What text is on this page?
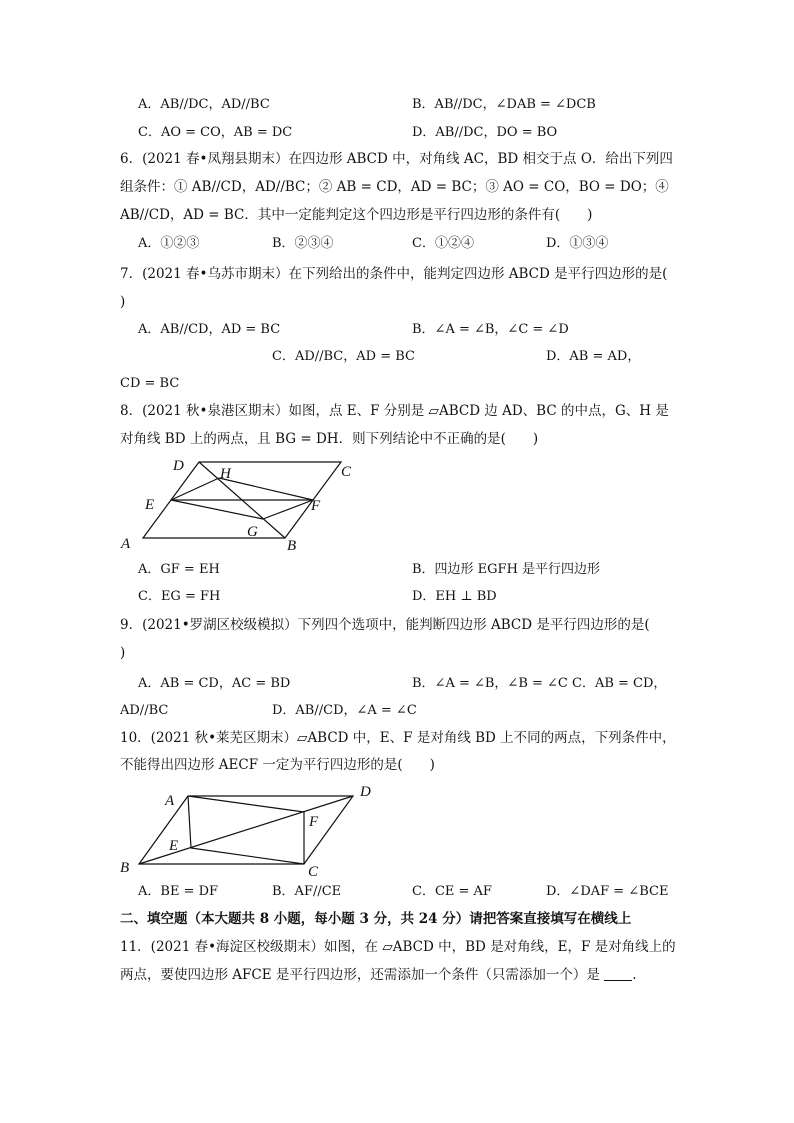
A．AB//DC，AD//BC	B．AB//DC，∠DAB = ∠DCB
C．AO = CO，AB = DC	D．AB//DC，DO = BO
6．(2021 春•凤翔县期末）在四边形 ABCD 中，对角线 AC，BD 相交于点 O．给出下列四
组条件：① AB//CD，AD//BC；② AB = CD，AD = BC；③ AO = CO，BO = DO；④
AB//CD，AD = BC．其中一定能判定这个四边形是平行四边形的条件有(　　)
A．①②③	B．②③④	C．①②④	D．①③④
7．(2021 春•乌苏市期末）在下列给出的条件中，能判定四边形 ABCD 是平行四边形的是(
)
A．AB//CD，AD = BC	B．∠A = ∠B，∠C = ∠D
C．AD//BC，AD = BC	D．AB = AD，
CD = BC
8．(2021 秋•泉港区期末）如图，点 E、F 分别是 ▱ABCD 边 AD、BC 的中点，G、H 是
对角线 BD 上的两点，且 BG = DH．则下列结论中不正确的是(　　)
D H	C
E	F
G
A	B
A．GF = EH	B．四边形 EGFH 是平行四边形
C．EG = FH	D．EH ⊥ BD
9．(2021•罗湖区校级模拟）下列四个选项中，能判断四边形 ABCD 是平行四边形的是(
)
A．AB = CD，AC = BD	B．∠A = ∠B，∠B = ∠C C．AB = CD，
AD//BC	D．AB//CD，∠A = ∠C
10．(2021 秋•莱芜区期末）▱ABCD 中，E、F 是对角线 BD 上不同的两点，下列条件中，
不能得出四边形 AECF 一定为平行四边形的是(　　)
A
D
F
E
B	C
A．BE = DF	B．AF//CE	C．CE = AF	D．∠DAF = ∠BCE
二、填空题（本大题共 8 小题，每小题 3 分，共 24 分）请把答案直接填写在横线上
11．(2021 春•海淀区校级期末）如图，在 ▱ABCD 中，BD 是对角线，E，F 是对角线上的
两点，要使四边形 AFCE 是平行四边形，还需添加一个条件（只需添加一个）是 .
